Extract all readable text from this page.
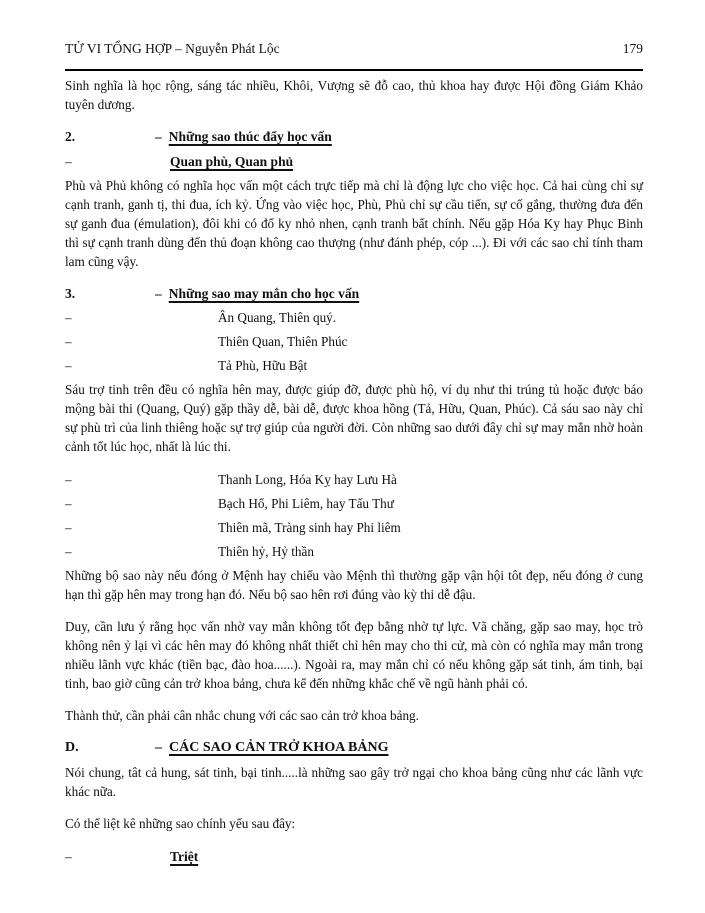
TỬ VI TỔNG HỢP – Nguyễn Phát Lộc	179

Sinh nghĩa là học rộng, sáng tác nhiều, Khôi, Vượng sẽ đỗ cao, thủ khoa hay được Hội đồng Giám Khảo tuyên dương.

2.	– Những sao thúc đẩy học vấn
–	Quan phù, Quan phủ

Phù và Phủ không có nghĩa học vấn một cách trực tiếp mà chỉ là động lực cho việc học. Cả hai cùng chỉ sự cạnh tranh, ganh tị, thi đua, ích kỷ. Ứng vào việc học, Phù, Phủ chỉ sự cầu tiến, sự cố gắng, thường đưa đến sự ganh đua (émulation), đôi khi có đố ky nhỏ nhen, cạnh tranh bất chính. Nếu gặp Hóa Ky hay Phục Binh thì sự cạnh tranh dùng đến thủ đoạn không cao thượng (như đánh phép, cóp ...). Đi với các sao chỉ tính tham lam cũng vậy.

3.	– Những sao may mắn cho học vấn
–	Ân Quang, Thiên quý.
–	Thiên Quan, Thiên Phúc
–	Tả Phù, Hữu Bật

Sáu trợ tinh trên đều có nghĩa hên may, được giúp đỡ, được phù hộ, ví dụ như thi trúng tủ hoặc được báo mộng bài thi (Quang, Quý) gặp thầy dễ, bài dễ, được khoa hồng (Tả, Hữu, Quan, Phúc). Cả sáu sao này chỉ sự phù trì của linh thiêng hoặc sự trợ giúp của người đời. Còn những sao dưới đây chỉ sự may mắn nhờ hoàn cảnh tốt lúc học, nhất là lúc thi.

–	Thanh Long, Hóa Kỵ hay Lưu Hà
–	Bạch Hổ, Phi Liêm, hay Tấu Thư
–	Thiên mã, Tràng sinh hay Phi liêm
–	Thiên hỷ, Hỷ thần

Những bộ sao này nếu đóng ở Mệnh hay chiếu vào Mệnh thì thường gặp vận hội tôt đẹp, nếu đóng ở cung hạn thì gặp hên may trong hạn đó. Nếu bộ sao hên rơi đúng vào kỳ thi dễ đậu.

Duy, cần lưu ý rằng học vấn nhờ vay mắn không tốt đẹp bằng nhờ tự lực. Vã chăng, gặp sao may, học trò không nên ỷ lại vì các hên may đó không nhất thiết chỉ hên may cho thi cử, mà còn có nghĩa may mắn trong nhiều lãnh vực khác (tiền bạc, đào hoa......). Ngoài ra, may mắn chỉ có nếu không gặp sát tinh, ám tinh, bại tinh, bao giờ cũng cản trở khoa bảng, chưa kể đến những khắc chế về ngũ hành phải có.

Thành thử, cần phải cân nhắc chung với các sao cản trở khoa bảng.

D.	– CÁC SAO CẢN TRỞ KHOA BẢNG

Nói chung, tât cả hung, sát tinh, bại tinh.....là những sao gây trở ngại cho khoa bảng cũng như các lãnh vực khác nữa.

Có thể liệt kê những sao chính yếu sau đây:

–	Triệt
